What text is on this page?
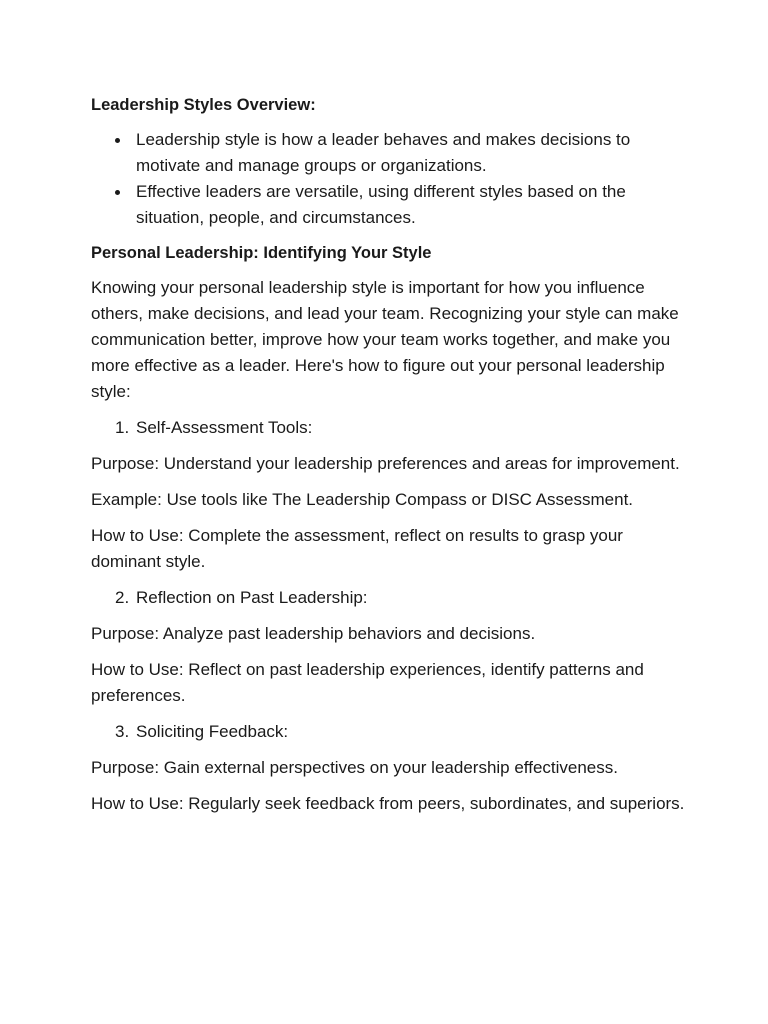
Leadership Styles Overview:

Leadership style is how a leader behaves and makes decisions to motivate and manage groups or organizations.
Effective leaders are versatile, using different styles based on the situation, people, and circumstances.

Personal Leadership: Identifying Your Style

Knowing your personal leadership style is important for how you influence others, make decisions, and lead your team. Recognizing your style can make communication better, improve how your team works together, and make you more effective as a leader. Here's how to figure out your personal leadership style:

1. Self-Assessment Tools:

Purpose: Understand your leadership preferences and areas for improvement.

Example: Use tools like The Leadership Compass or DISC Assessment.

How to Use: Complete the assessment, reflect on results to grasp your dominant style.

2. Reflection on Past Leadership:

Purpose: Analyze past leadership behaviors and decisions.

How to Use: Reflect on past leadership experiences, identify patterns and preferences.

3. Soliciting Feedback:

Purpose: Gain external perspectives on your leadership effectiveness.

How to Use: Regularly seek feedback from peers, subordinates, and superiors.
